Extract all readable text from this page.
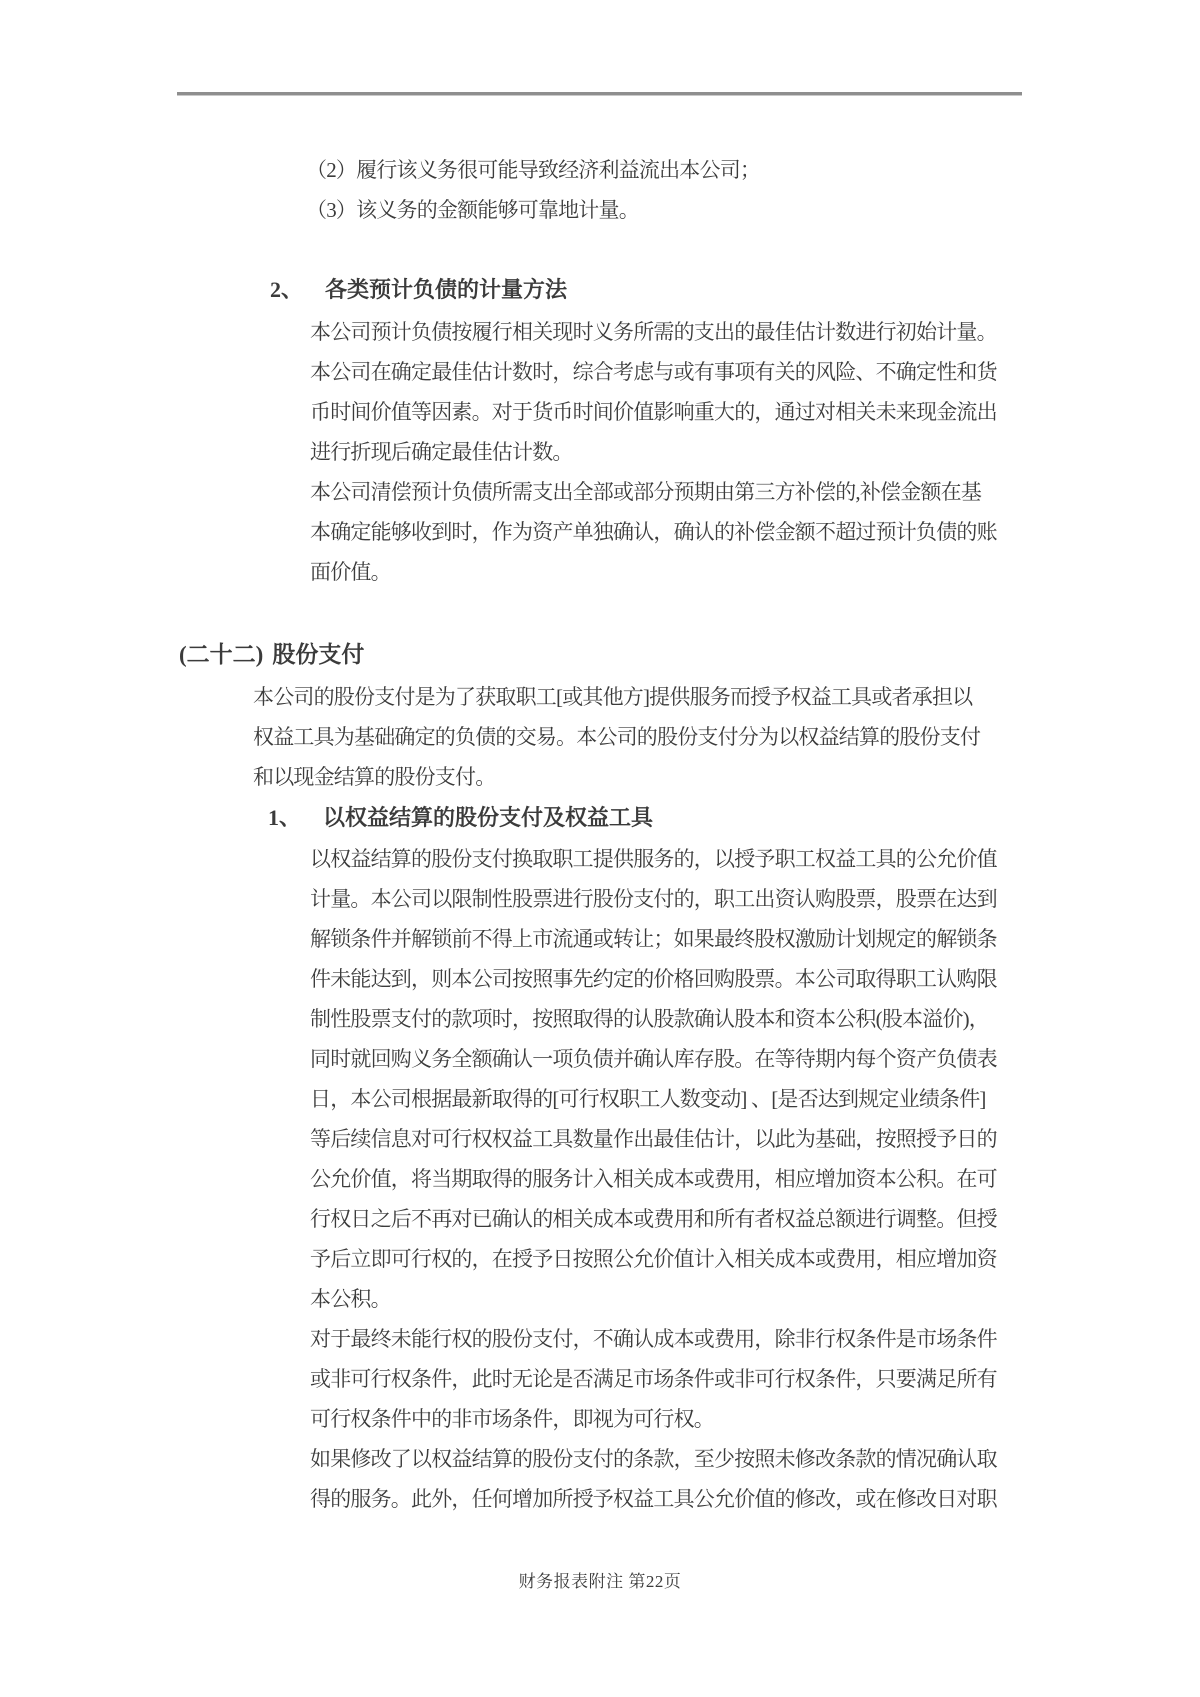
（2）履行该义务很可能导致经济利益流出本公司；
（3）该义务的金额能够可靠地计量。
2、 各类预计负债的计量方法
本公司预计负债按履行相关现时义务所需的支出的最佳估计数进行初始计量。
本公司在确定最佳估计数时，综合考虑与或有事项有关的风险、不确定性和货
币时间价值等因素。对于货币时间价值影响重大的，通过对相关未来现金流出
进行折现后确定最佳估计数。
本公司清偿预计负债所需支出全部或部分预期由第三方补偿的,补偿金额在基
本确定能够收到时，作为资产单独确认，确认的补偿金额不超过预计负债的账
面价值。
(二十二) 股份支付
本公司的股份支付是为了获取职工[或其他方]提供服务而授予权益工具或者承担以
权益工具为基础确定的负债的交易。本公司的股份支付分为以权益结算的股份支付
和以现金结算的股份支付。
1、 以权益结算的股份支付及权益工具
以权益结算的股份支付换取职工提供服务的，以授予职工权益工具的公允价值
计量。本公司以限制性股票进行股份支付的，职工出资认购股票，股票在达到
解锁条件并解锁前不得上市流通或转让；如果最终股权激励计划规定的解锁条
件未能达到，则本公司按照事先约定的价格回购股票。本公司取得职工认购限
制性股票支付的款项时，按照取得的认股款确认股本和资本公积(股本溢价)，
同时就回购义务全额确认一项负债并确认库存股。在等待期内每个资产负债表
日，本公司根据最新取得的[可行权职工人数变动] 、[是否达到规定业绩条件]
等后续信息对可行权权益工具数量作出最佳估计，以此为基础，按照授予日的
公允价值，将当期取得的服务计入相关成本或费用，相应增加资本公积。在可
行权日之后不再对已确认的相关成本或费用和所有者权益总额进行调整。但授
予后立即可行权的，在授予日按照公允价值计入相关成本或费用，相应增加资
本公积。
对于最终未能行权的股份支付，不确认成本或费用，除非行权条件是市场条件
或非可行权条件，此时无论是否满足市场条件或非可行权条件，只要满足所有
可行权条件中的非市场条件，即视为可行权。
如果修改了以权益结算的股份支付的条款，至少按照未修改条款的情况确认取
得的服务。此外，任何增加所授予权益工具公允价值的修改，或在修改日对职
财务报表附注 第22页
